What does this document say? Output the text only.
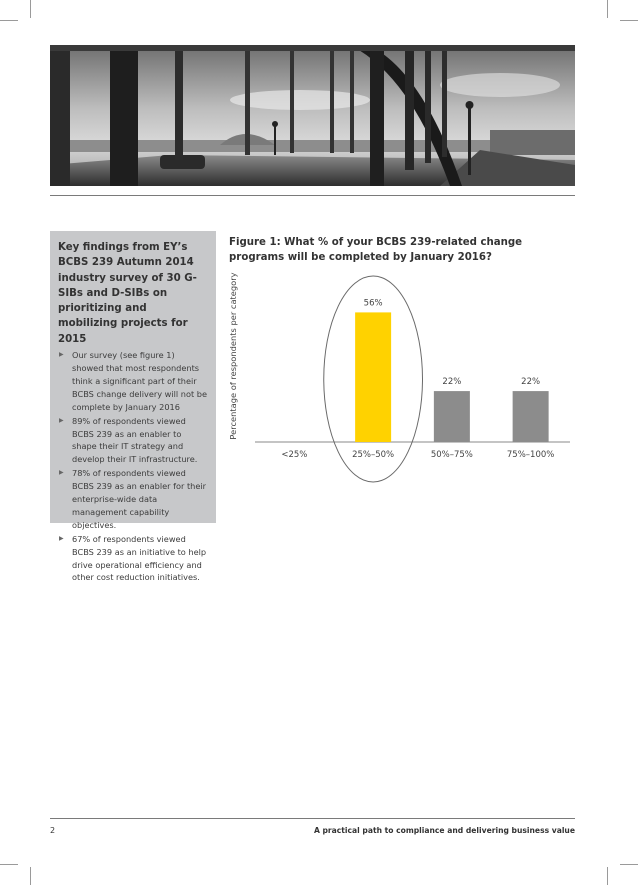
Key findings from EY’s BCBS 239 Autumn 2014 industry survey of 30 G-SIBs and D-SIBs on prioritizing and mobilizing projects for 2015
▶ Our survey (see figure 1) showed that most respondents think a significant part of their BCBS change delivery will not be complete by January 2016
▶ 89% of respondents viewed BCBS 239 as an enabler to shape their IT strategy and develop their IT infrastructure.
▶ 78% of respondents viewed BCBS 239 as an enabler for their enterprise-wide data management capability objectives.
▶ 67% of respondents viewed BCBS 239 as an initiative to help drive operational efficiency and other cost reduction initiatives.
Figure 1: What % of your BCBS 239-related change programs will be completed by January 2016?
Percentage of respondents per category
<25%
56%
25%–50%
22%
50%–75%
22%
75%–100%
2	A practical path to compliance and delivering business value
